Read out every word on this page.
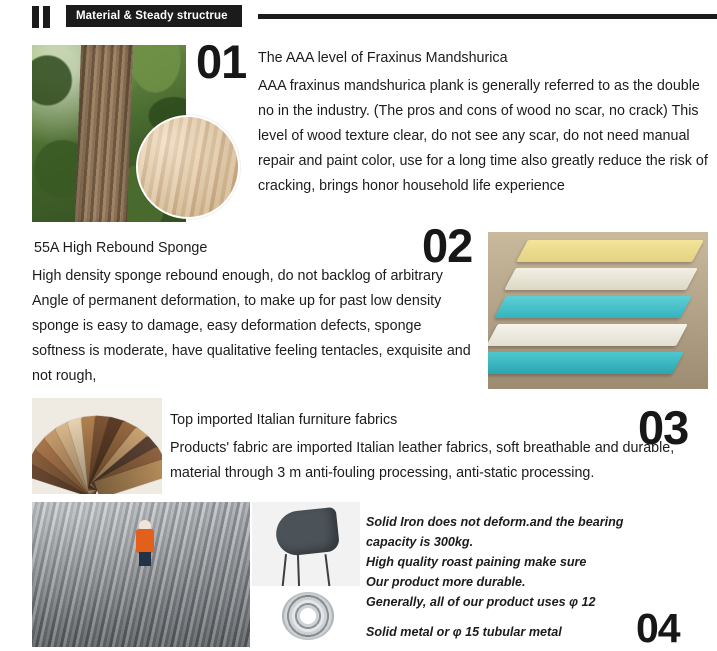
Material & Steady structrue
01 The AAA level of Fraxinus Mandshurica
AAA fraxinus mandshurica plank is generally referred to as the double no in the industry. (The pros and cons of wood no scar, no crack) This level of wood texture clear, do not see any scar, do not need manual repair and paint color, use for a long time also greatly reduce the risk of cracking, brings honor household life experience
55A High Rebound Sponge
High density sponge rebound enough, do not backlog of arbitrary Angle of permanent deformation, to make up for past low density sponge is easy to damage, easy deformation defects, sponge softness is moderate, have qualitative feeling tentacles, exquisite and not rough,
02
03
Top imported Italian furniture fabrics
Products' fabric are imported Italian leather fabrics, soft breathable and durable, material through 3 m anti-fouling processing, anti-static processing.
Solid Iron does not deform.and the bearing
capacity is 300kg.
High quality roast paining make sure
Our product more durable.
Generally, all of our product uses φ 12
Solid metal or φ 15 tubular metal	04
